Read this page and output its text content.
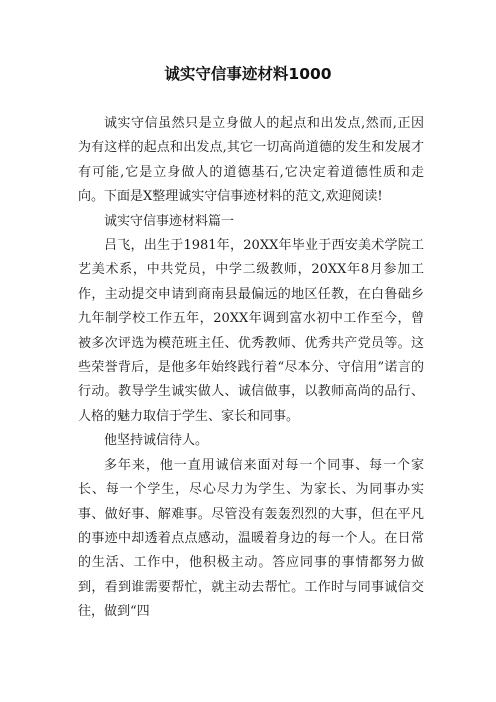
诚实守信事迹材料1000

诚实守信虽然只是立身做人的起点和出发点,然而,正因为有这样的起点和出发点,其它一切高尚道德的发生和发展才有可能,它是立身做人的道德基石,它决定着道德性质和走向。下面是X整理诚实守信事迹材料的范文,欢迎阅读!

诚实守信事迹材料篇一

吕飞，出生于1981年，20XX年毕业于西安美术学院工艺美术系，中共党员，中学二级教师，20XX年8月参加工作，主动提交申请到商南县最偏远的地区任教，在白鲁础乡九年制学校工作五年，20XX年调到富水初中工作至今，曾被多次评选为模范班主任、优秀教师、优秀共产党员等。这些荣誉背后，是他多年始终践行着“尽本分、守信用”诺言的行动。教导学生诚实做人、诚信做事，以教师高尚的品行、人格的魅力取信于学生、家长和同事。

他坚持诚信待人。

多年来，他一直用诚信来面对每一个同事、每一个家长、每一个学生，尽心尽力为学生、为家长、为同事办实事、做好事、解难事。尽管没有轰轰烈烈的大事，但在平凡的事迹中却透着点点感动，温暖着身边的每一个人。在日常的生活、工作中，他积极主动。答应同事的事情都努力做到，看到谁需要帮忙，就主动去帮忙。工作时与同事诚信交往，做到“四
